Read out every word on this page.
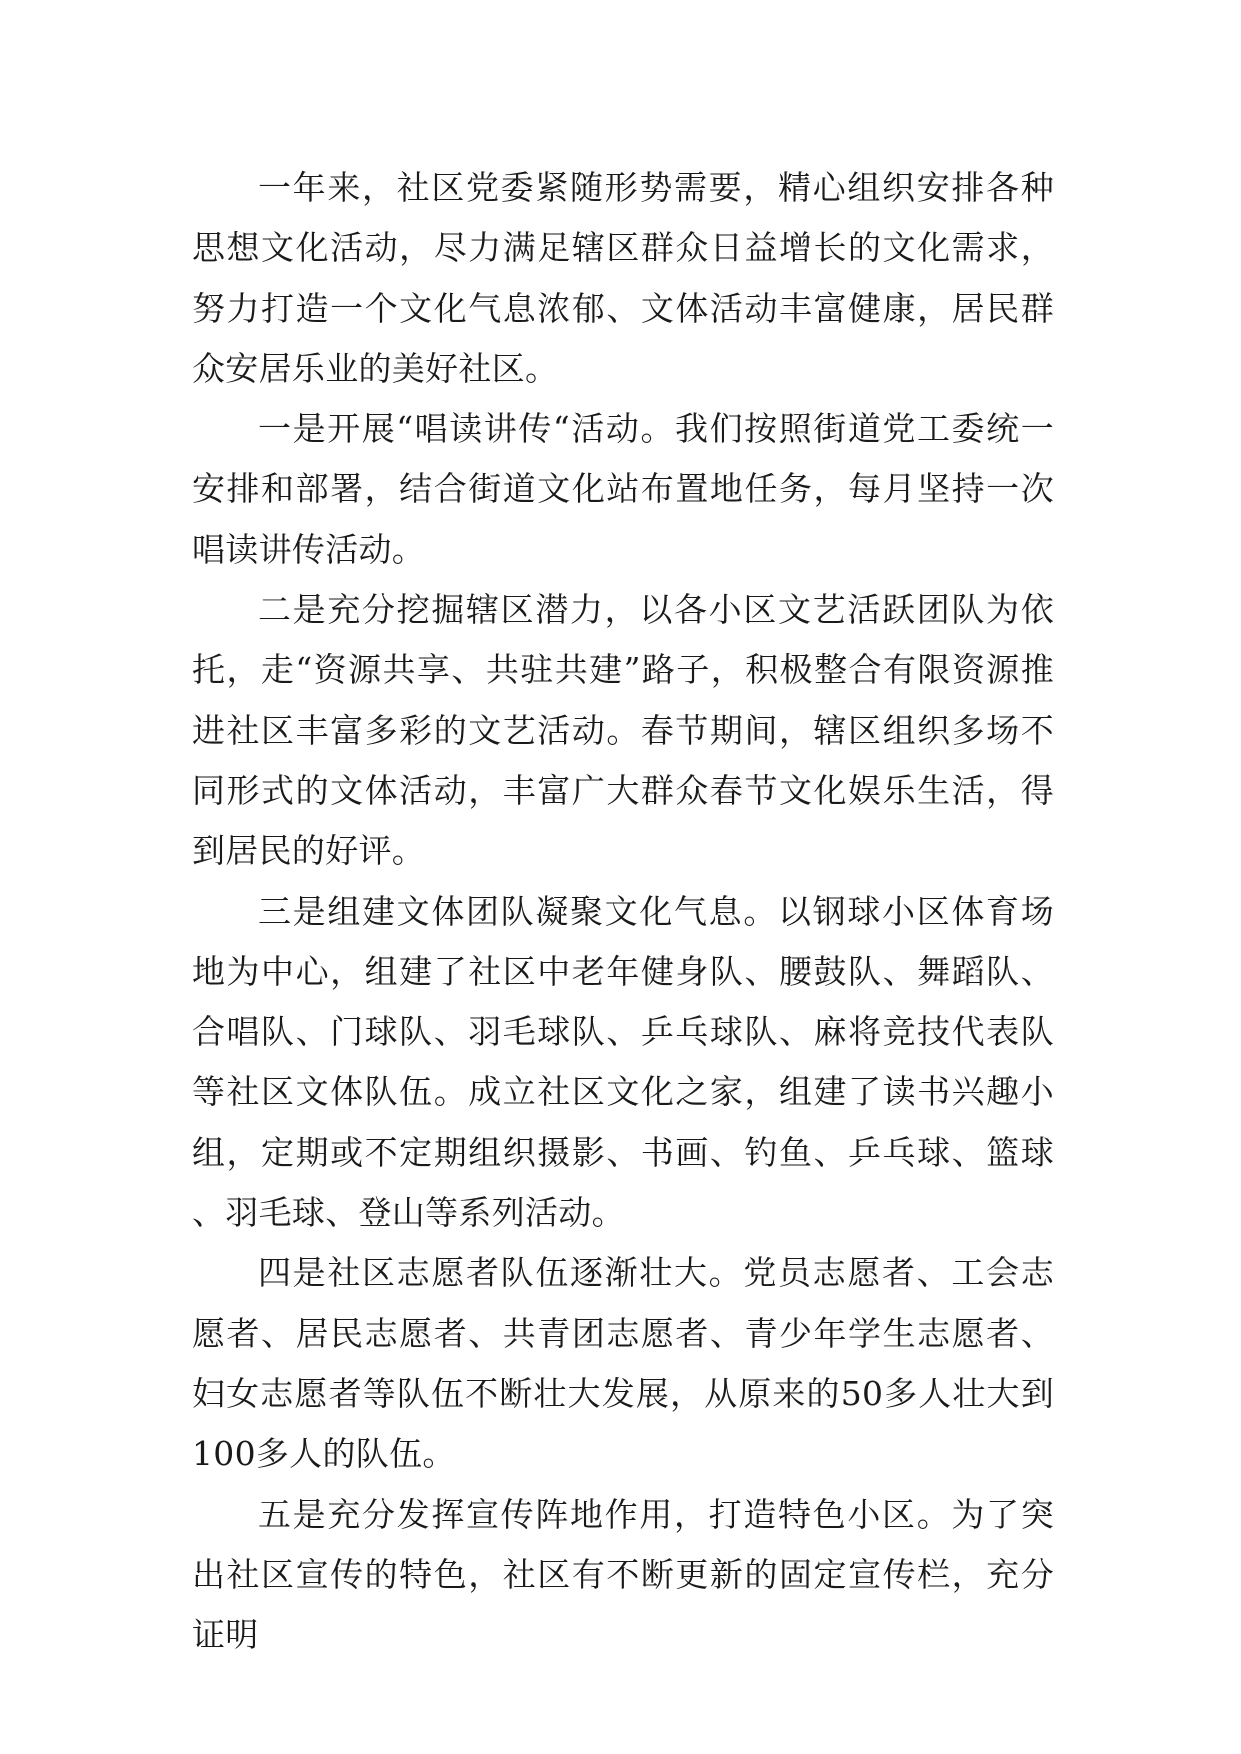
一年来，社区党委紧随形势需要，精心组织安排各种思想文化活动，尽力满足辖区群众日益增长的文化需求，努力打造一个文化气息浓郁、文体活动丰富健康，居民群众安居乐业的美好社区。

一是开展“唱读讲传“活动。我们按照街道党工委统一安排和部署，结合街道文化站布置地任务，每月坚持一次唱读讲传活动。

二是充分挖掘辖区潜力，以各小区文艺活跃团队为依托，走“资源共享、共驻共建”路子，积极整合有限资源推进社区丰富多彩的文艺活动。春节期间，辖区组织多场不同形式的文体活动，丰富广大群众春节文化娱乐生活，得到居民的好评。

三是组建文体团队凝聚文化气息。以钢球小区体育场地为中心，组建了社区中老年健身队、腰鼓队、舞蹈队、合唱队、门球队、羽毛球队、乒乓球队、麻将竞技代表队等社区文体队伍。成立社区文化之家，组建了读书兴趣小组，定期或不定期组织摄影、书画、钓鱼、乒乓球、篮球、羽毛球、登山等系列活动。

四是社区志愿者队伍逐渐壮大。党员志愿者、工会志愿者、居民志愿者、共青团志愿者、青少年学生志愿者、妇女志愿者等队伍不断壮大发展，从原来的50多人壮大到100多人的队伍。

五是充分发挥宣传阵地作用，打造特色小区。为了突出社区宣传的特色，社区有不断更新的固定宣传栏，充分证明
